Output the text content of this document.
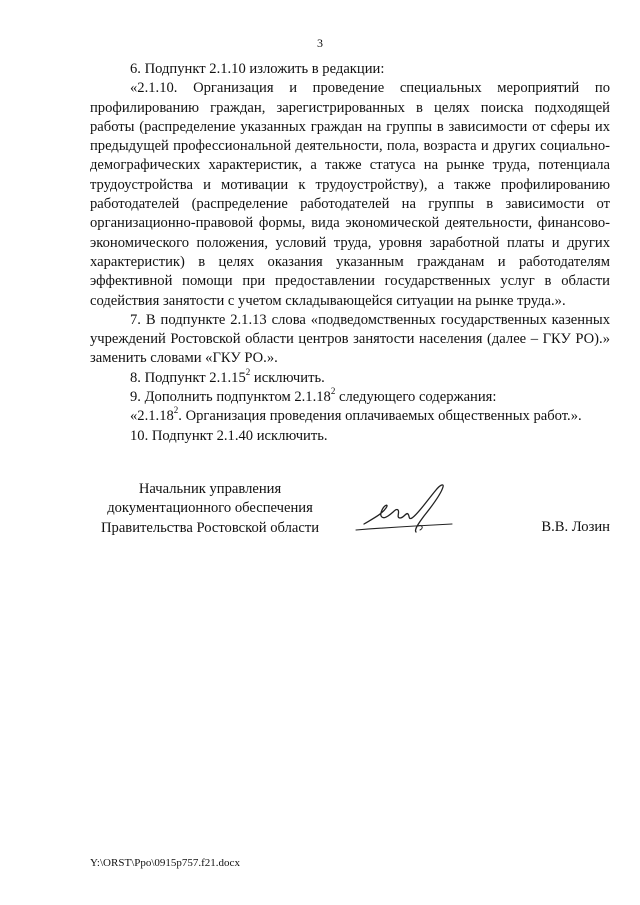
3

6. Подпункт 2.1.10 изложить в редакции:

«2.1.10. Организация и проведение специальных мероприятий по профилированию граждан, зарегистрированных в целях поиска подходящей работы (распределение указанных граждан на группы в зависимости от сферы их предыдущей профессиональной деятельности, пола, возраста и других социально-демографических характеристик, а также статуса на рынке труда, потенциала трудоустройства и мотивации к трудоустройству), а также профилированию работодателей (распределение работодателей на группы в зависимости от организационно-правовой формы, вида экономической деятельности, финансово-экономического положения, условий труда, уровня заработной платы и других характеристик) в целях оказания указанным гражданам и работодателям эффективной помощи при предоставлении государственных услуг в области содействия занятости с учетом складывающейся ситуации на рынке труда.».

7. В подпункте 2.1.13 слова «подведомственных государственных казенных учреждений Ростовской области центров занятости населения (далее – ГКУ РО).» заменить словами «ГКУ РО.».

8. Подпункт 2.1.15$^2$ исключить.

9. Дополнить подпунктом 2.1.18$^2$ следующего содержания:

«2.1.18$^2$. Организация проведения оплачиваемых общественных работ.».

10. Подпункт 2.1.40 исключить.

Начальник управления
документационного обеспечения
Правительства Ростовской области	В.В. Лозин
Y:\ORST\Ppo\0915p757.f21.docx
